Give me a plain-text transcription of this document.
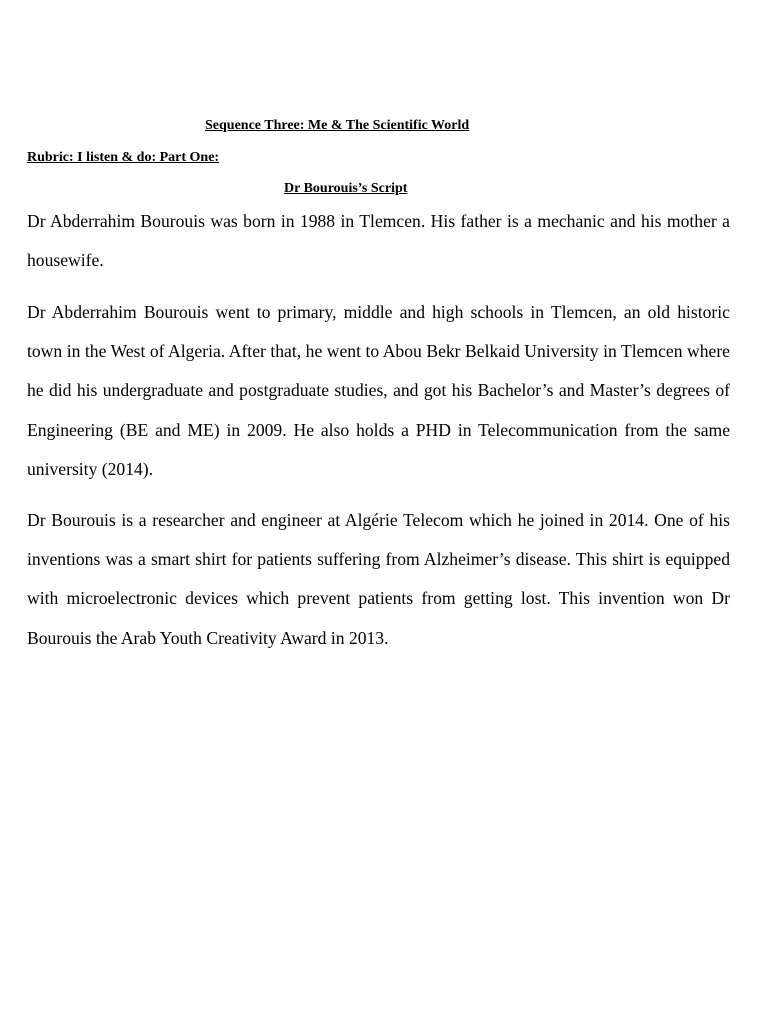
Sequence Three: Me & The Scientific World
Rubric: I listen & do: Part One:
Dr Bourouis’s Script

Dr Abderrahim Bourouis was born in 1988 in Tlemcen. His father is a mechanic and his mother a housewife.

Dr Abderrahim Bourouis went to primary, middle and high schools in Tlemcen, an old historic town in the West of Algeria. After that, he went to Abou Bekr Belkaid University in Tlemcen where he did his undergraduate and postgraduate studies, and got his Bachelor’s and Master’s degrees of Engineering (BE and ME) in 2009. He also holds a PHD in Telecommunication from the same university (2014).

Dr Bourouis is a researcher and engineer at Algérie Telecom which he joined in 2014. One of his inventions was a smart shirt for patients suffering from Alzheimer’s disease. This shirt is equipped with microelectronic devices which prevent patients from getting lost. This invention won Dr Bourouis the Arab Youth Creativity Award in 2013.
